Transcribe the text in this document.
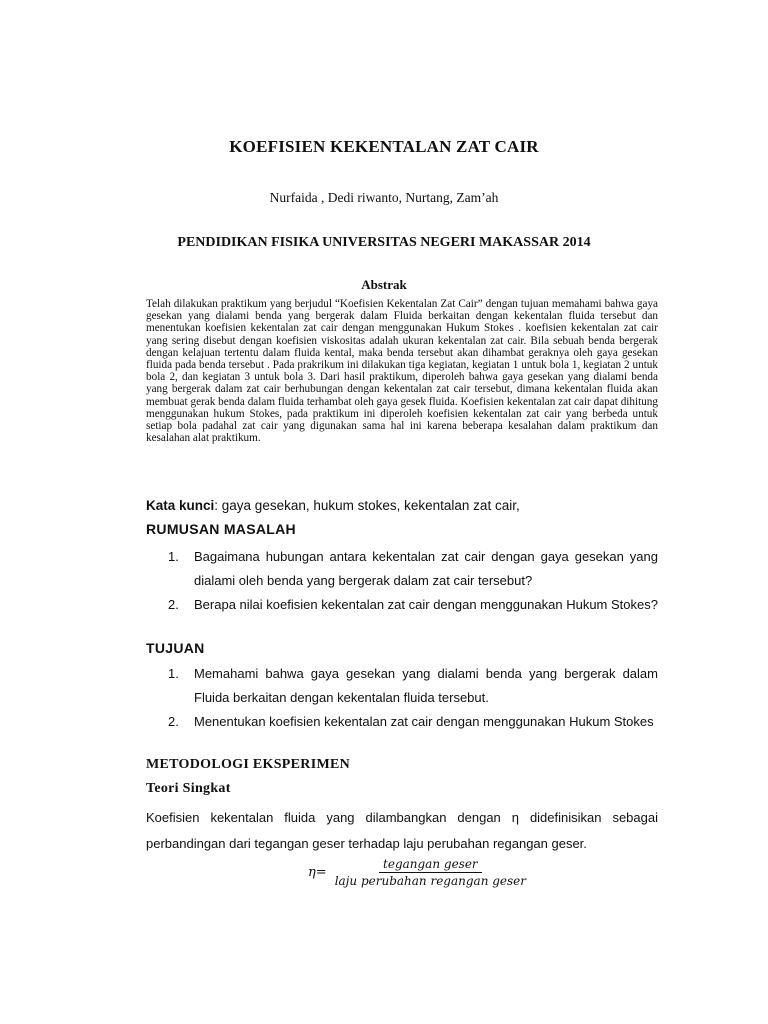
KOEFISIEN KEKENTALAN ZAT CAIR
Nurfaida , Dedi riwanto, Nurtang, Zam’ah
PENDIDIKAN FISIKA UNIVERSITAS NEGERI MAKASSAR 2014
Abstrak

Telah dilakukan praktikum yang berjudul “Koefisien Kekentalan Zat Cair” dengan tujuan memahami bahwa gaya gesekan yang dialami benda yang bergerak dalam Fluida berkaitan dengan kekentalan fluida tersebut dan menentukan koefisien kekentalan zat cair dengan menggunakan Hukum Stokes . koefisien kekentalan zat cair yang sering disebut dengan koefisien viskositas adalah ukuran kekentalan zat cair. Bila sebuah benda bergerak dengan kelajuan tertentu dalam fluida kental, maka benda tersebut akan dihambat geraknya oleh gaya gesekan fluida pada benda tersebut . Pada prakrikum ini dilakukan tiga kegiatan, kegiatan 1 untuk bola 1, kegiatan 2 untuk bola 2, dan kegiatan 3 untuk bola 3. Dari hasil praktikum, diperoleh bahwa gaya gesekan yang dialami benda yang bergerak dalam zat cair berhubungan dengan kekentalan zat cair tersebut, dimana kekentalan fluida akan membuat gerak benda dalam fluida terhambat oleh gaya gesek fluida. Koefisien kekentalan zat cair dapat dihitung menggunakan hukum Stokes, pada praktikum ini diperoleh koefisien kekentalan zat cair yang berbeda untuk setiap bola padahal zat cair yang digunakan sama hal ini karena beberapa kesalahan dalam praktikum dan kesalahan alat praktikum.

Kata kunci: gaya gesekan, hukum stokes, kekentalan zat cair,
RUMUSAN MASALAH
1. Bagaimana hubungan antara kekentalan zat cair dengan gaya gesekan yang dialami oleh benda yang bergerak dalam zat cair tersebut?
2. Berapa nilai koefisien kekentalan zat cair dengan menggunakan Hukum Stokes?
TUJUAN
1. Memahami bahwa gaya gesekan yang dialami benda yang bergerak dalam Fluida berkaitan dengan kekentalan fluida tersebut.
2. Menentukan koefisien kekentalan zat cair dengan menggunakan Hukum Stokes
METODOLOGI EKSPERIMEN
Teori Singkat

Koefisien kekentalan fluida yang dilambangkan dengan η didefinisikan sebagai perbandingan dari tegangan geser terhadap laju perubahan regangan geser.

$\eta= \frac{\text{tegangan geser}}{\text{laju perubahan regangan geser}}$
